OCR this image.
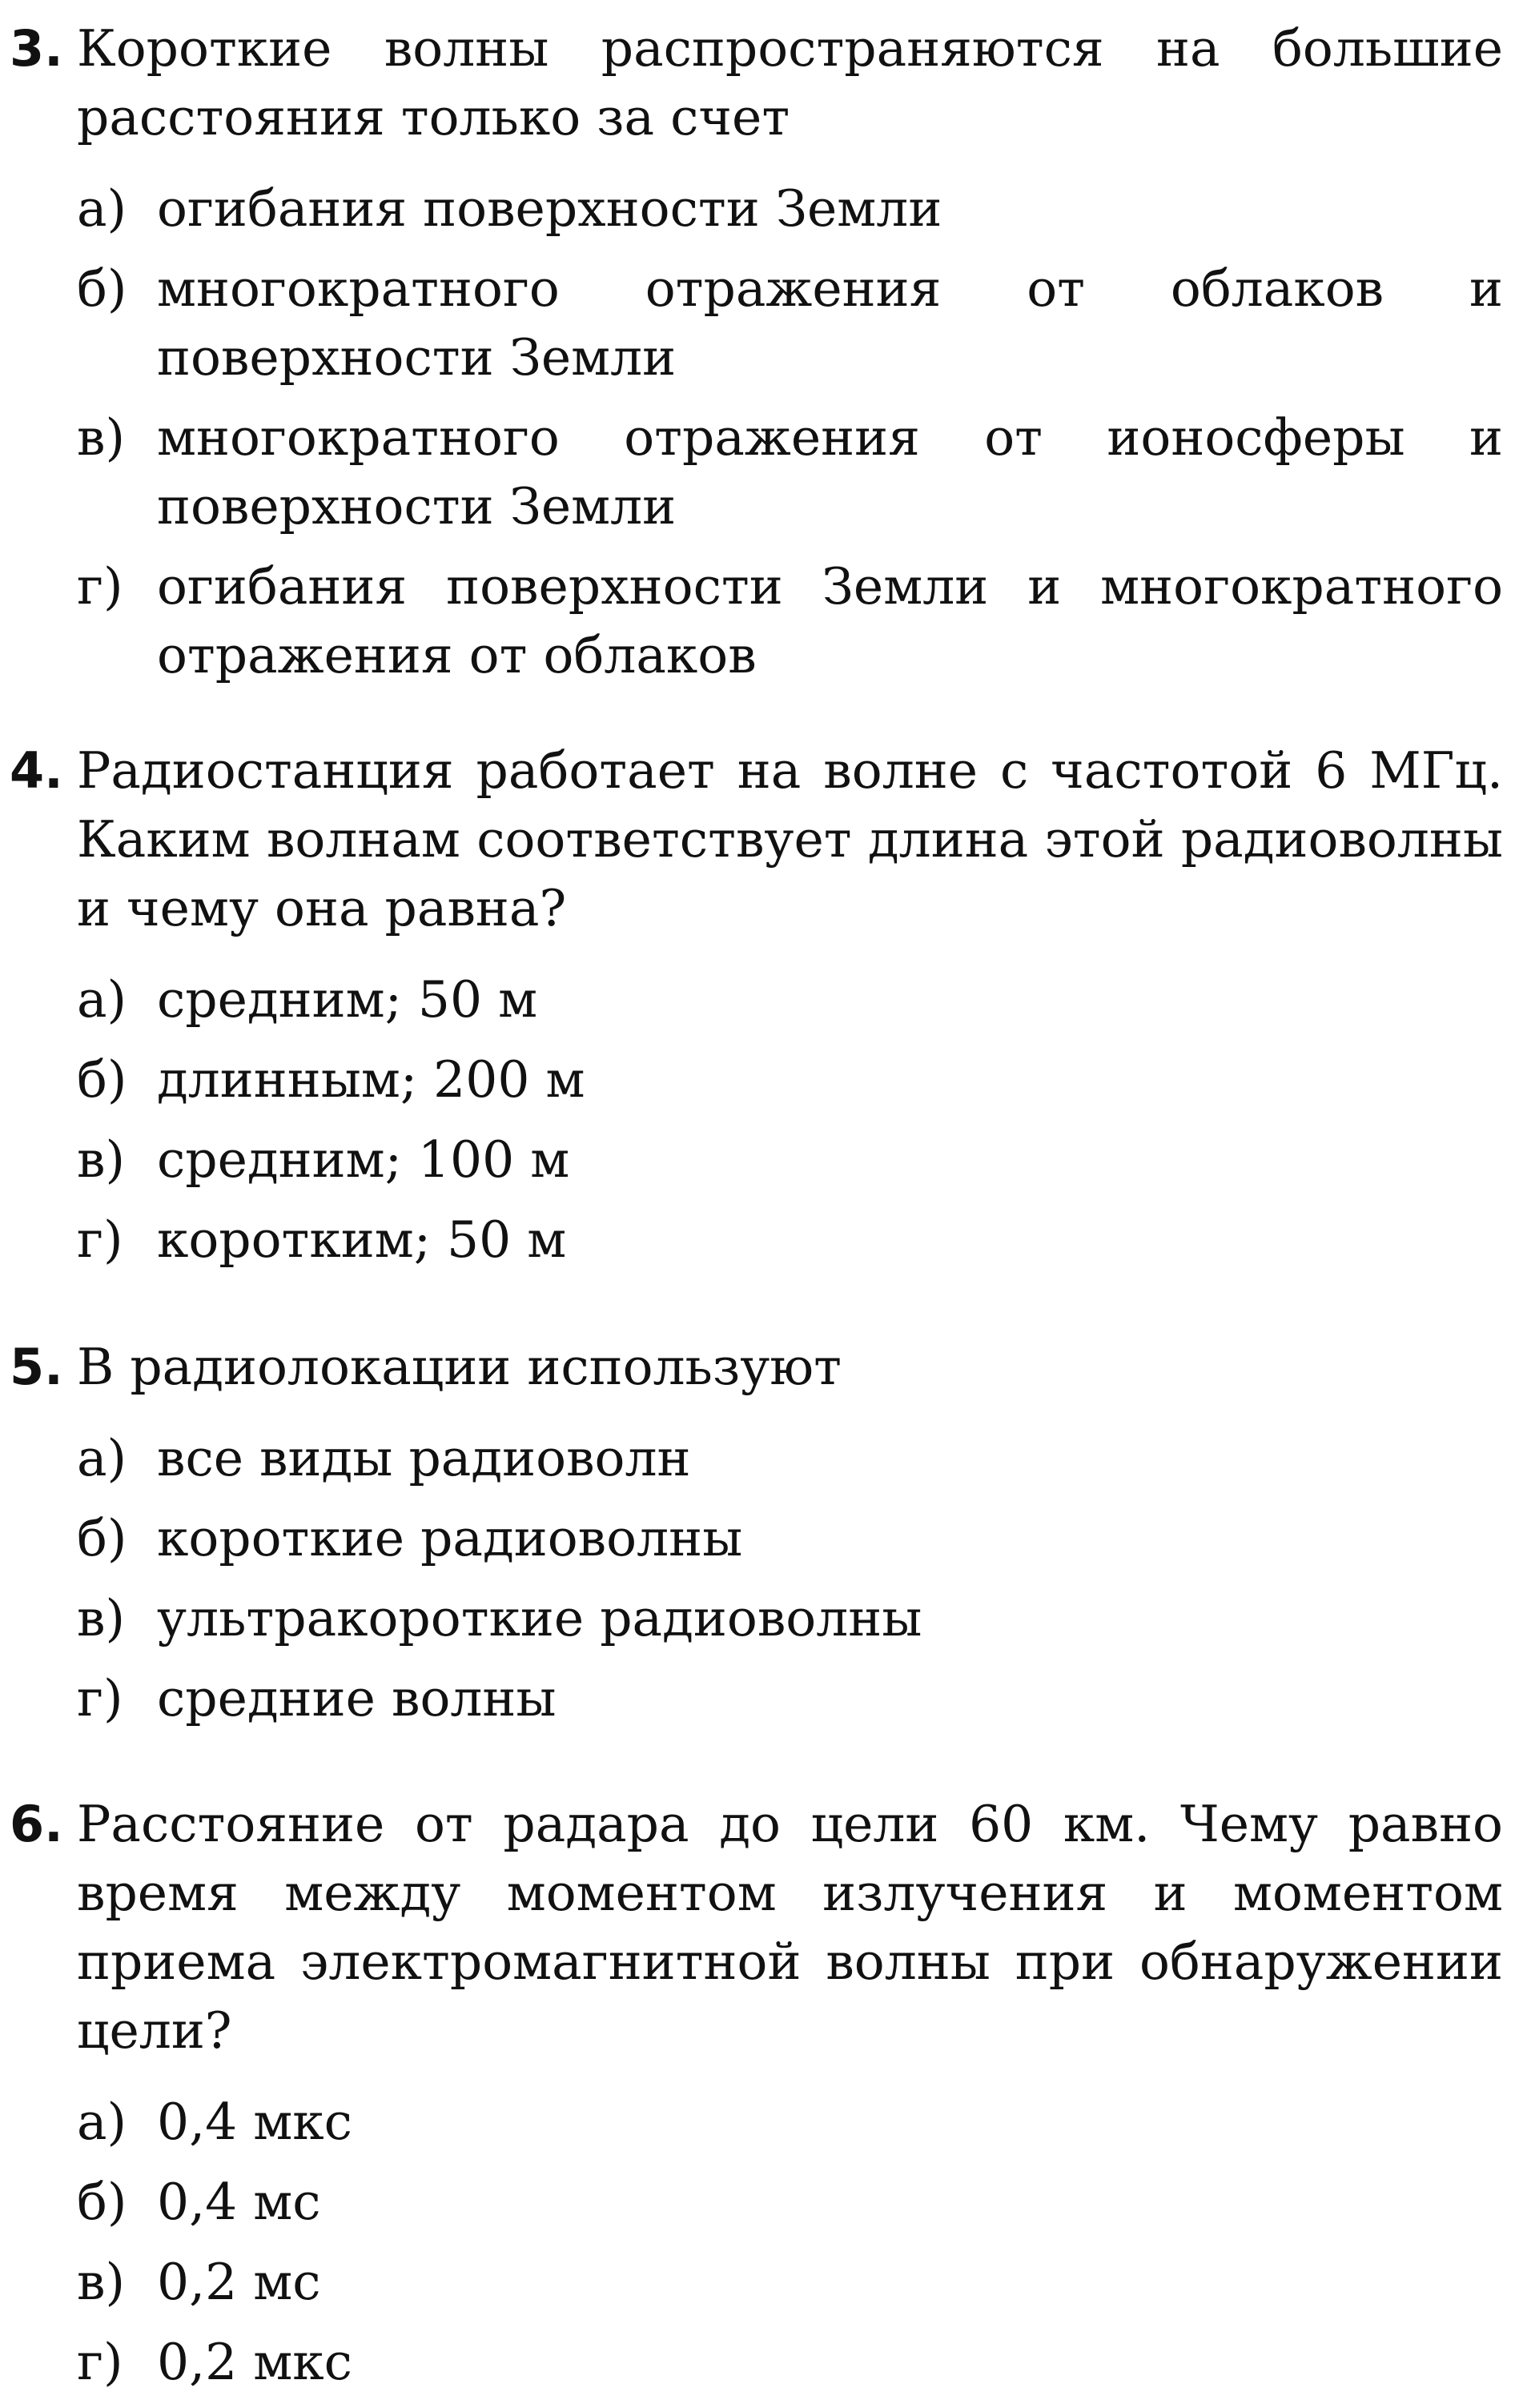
3. Короткие волны распространяются на большие расстояния только за счет
а) огибания поверхности Земли
б) многократного отражения от облаков и поверхности Земли
в) многократного отражения от ионосферы и поверхности Земли
г) огибания поверхности Земли и многократного отражения от облаков
4. Радиостанция работает на волне с частотой 6 МГц. Каким волнам соответствует длина этой радиоволны и чему она равна?
а) средним; 50 м
б) длинным; 200 м
в) средним; 100 м
г) коротким; 50 м
5. В радиолокации используют
а) все виды радиоволн
б) короткие радиоволны
в) ультракороткие радиоволны
г) средние волны
6. Расстояние от радара до цели 60 км. Чему равно время между моментом излучения и моментом приема электромагнитной волны при обнаружении цели?
а) 0,4 мкс
б) 0,4 мс
в) 0,2 мс
г) 0,2 мкс
